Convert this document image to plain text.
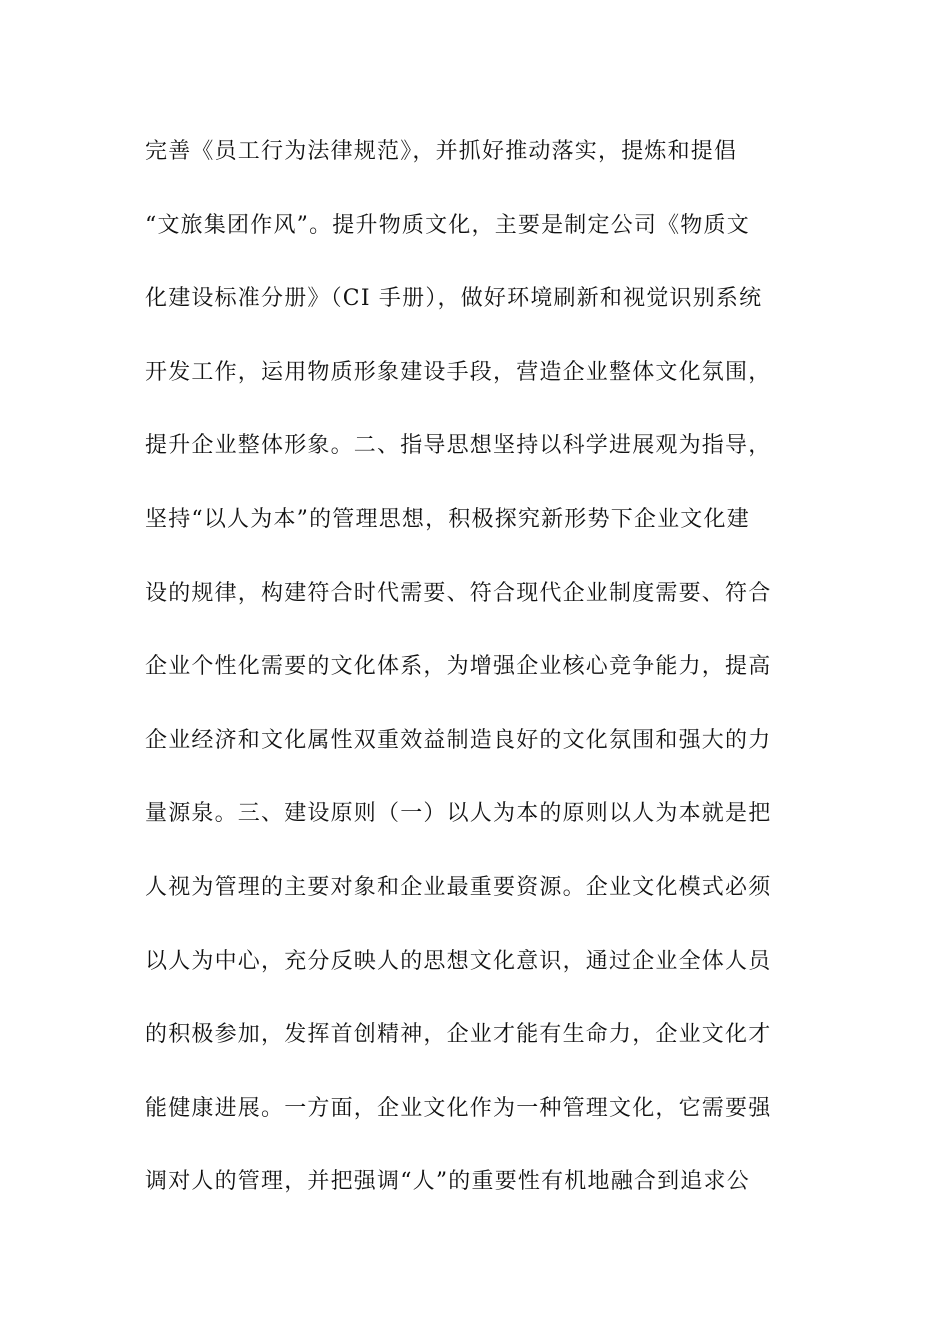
完善《员工行为法律规范》，并抓好推动落实，提炼和提倡
“文旅集团作风”。提升物质文化，主要是制定公司《物质文
化建设标准分册》（CI 手册），做好环境刷新和视觉识别系统
开发工作，运用物质形象建设手段，营造企业整体文化氛围，
提升企业整体形象。二、指导思想坚持以科学进展观为指导，
坚持“以人为本”的管理思想，积极探究新形势下企业文化建
设的规律，构建符合时代需要、符合现代企业制度需要、符合
企业个性化需要的文化体系，为增强企业核心竞争能力，提高
企业经济和文化属性双重效益制造良好的文化氛围和强大的力
量源泉。三、建设原则（一）以人为本的原则以人为本就是把
人视为管理的主要对象和企业最重要资源。企业文化模式必须
以人为中心，充分反映人的思想文化意识，通过企业全体人员
的积极参加，发挥首创精神，企业才能有生命力，企业文化才
能健康进展。一方面，企业文化作为一种管理文化，它需要强
调对人的管理，并把强调“人”的重要性有机地融合到追求公
